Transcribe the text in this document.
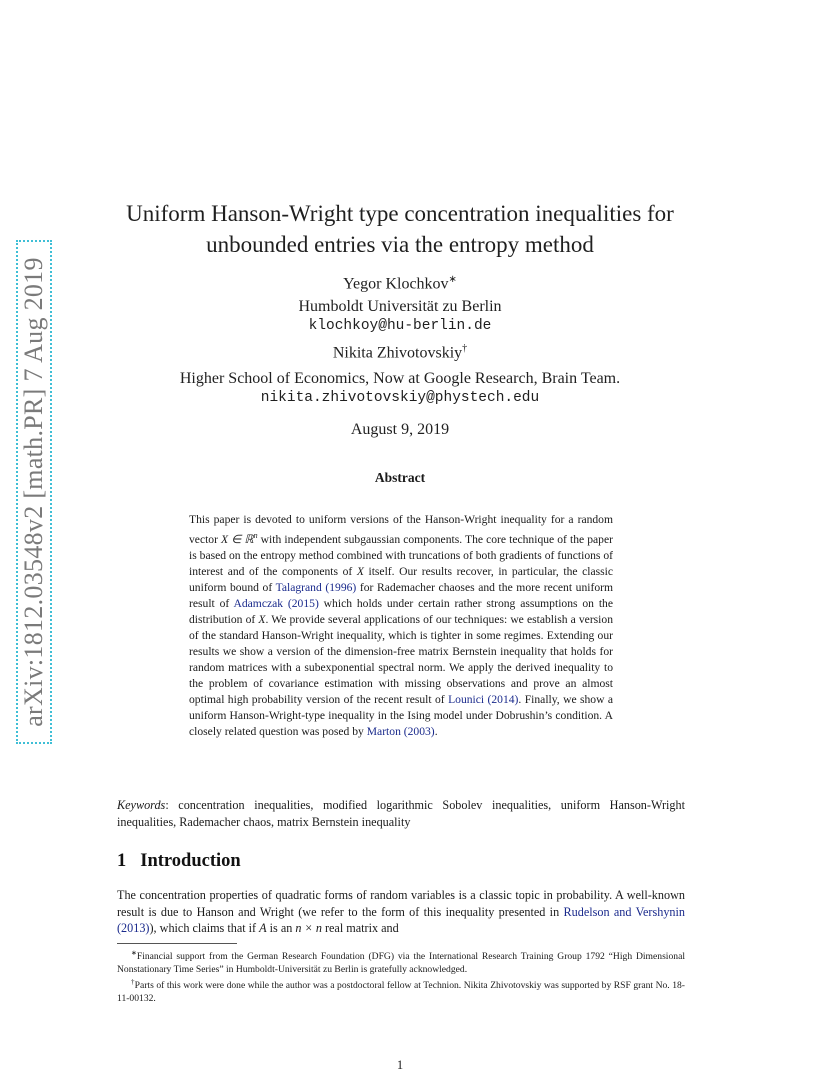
arXiv:1812.03548v2 [math.PR] 7 Aug 2019
Uniform Hanson-Wright type concentration inequalities for
unbounded entries via the entropy method
Yegor Klochkov∗
Humboldt Universität zu Berlin
klochkoy@hu-berlin.de
Nikita Zhivotovskiy†
Higher School of Economics, Now at Google Research, Brain Team.
nikita.zhivotovskiy@phystech.edu
August 9, 2019
Abstract
This paper is devoted to uniform versions of the Hanson-Wright inequality for a random vector X ∈ ℝ$^n$ with independent subgaussian components. The core technique of the paper is based on the entropy method combined with truncations of both gradients of functions of interest and of the components of X itself. Our results recover, in particular, the classic uniform bound of Talagrand (1996) for Rademacher chaoses and the more recent uniform result of Adamczak (2015) which holds under certain rather strong assumptions on the distribution of X. We provide several applications of our techniques: we establish a version of the standard Hanson-Wright inequality, which is tighter in some regimes. Extending our results we show a version of the dimension-free matrix Bernstein inequality that holds for random matrices with a subexponential spectral norm. We apply the derived inequality to the problem of covariance estimation with missing observations and prove an almost optimal high probability version of the recent result of Lounici (2014). Finally, we show a uniform Hanson-Wright-type inequality in the Ising model under Dobrushin’s condition. A closely related question was posed by Marton (2003).
Keywords: concentration inequalities, modified logarithmic Sobolev inequalities, uniform Hanson-Wright inequalities, Rademacher chaos, matrix Bernstein inequality
1 Introduction
The concentration properties of quadratic forms of random variables is a classic topic in probability. A well-known result is due to Hanson and Wright (we refer to the form of this inequality presented in Rudelson and Vershynin (2013)), which claims that if A is an n × n real matrix and

∗Financial support from the German Research Foundation (DFG) via the International Research Training Group 1792 “High Dimensional Nonstationary Time Series” in Humboldt-Universität zu Berlin is gratefully acknowledged.

†Parts of this work were done while the author was a postdoctoral fellow at Technion. Nikita Zhivotovskiy was supported by RSF grant No. 18-11-00132.

1
